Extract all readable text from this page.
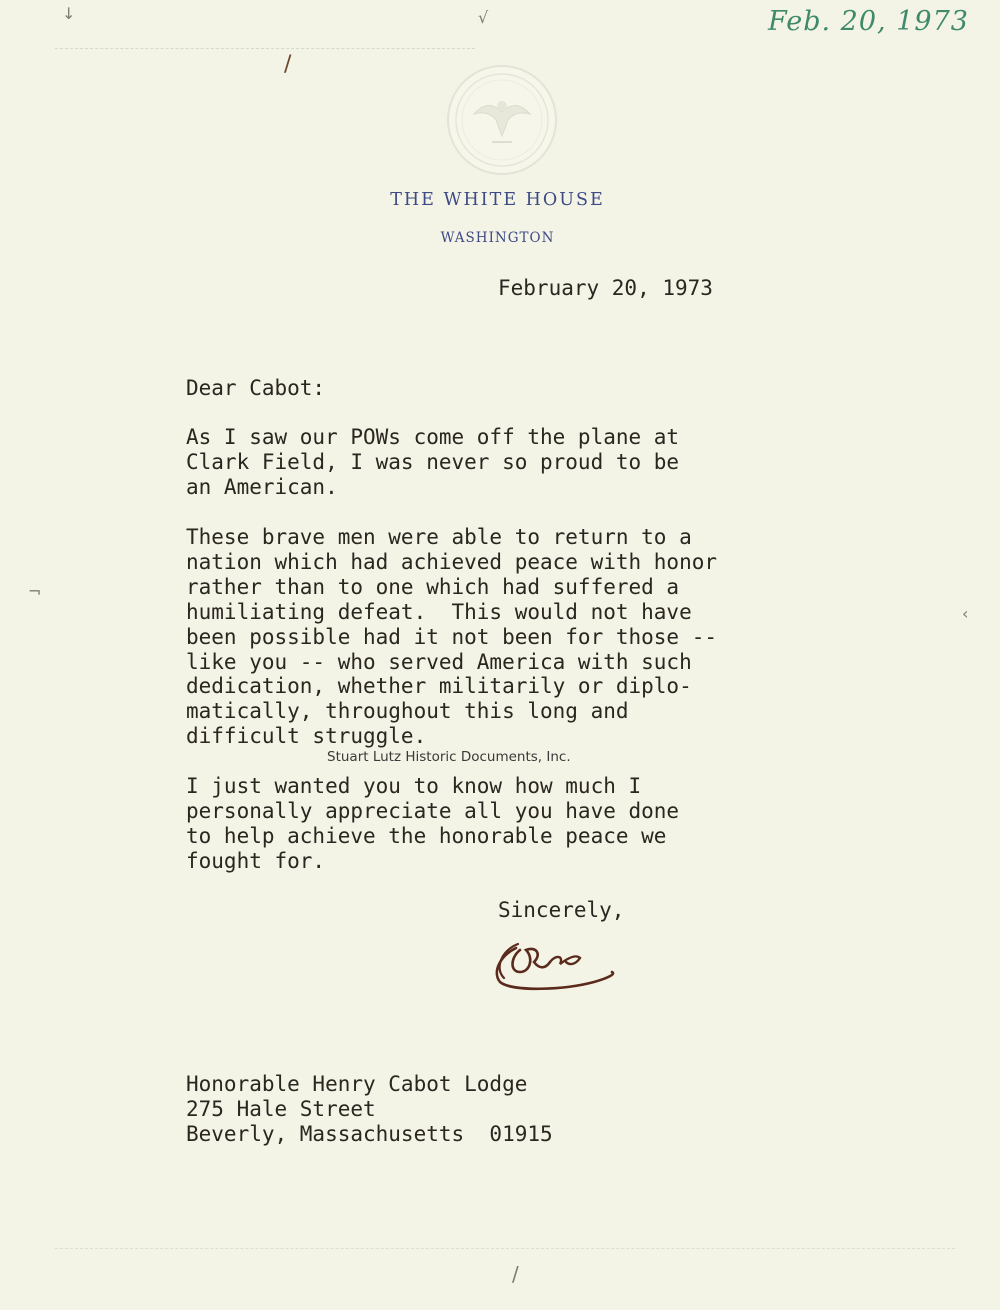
↓	√
/
¬
‹
/
Feb. 20, 1973
THE WHITE HOUSE
WASHINGTON
February 20, 1973
Dear Cabot:
As I saw our POWs come off the plane at
Clark Field, I was never so proud to be
an American.
These brave men were able to return to a
nation which had achieved peace with honor
rather than to one which had suffered a
humiliating defeat.  This would not have
been possible had it not been for those --
like you -- who served America with such
dedication, whether militarily or diplo-
matically, throughout this long and
difficult struggle.
Stuart Lutz Historic Documents, Inc.
I just wanted you to know how much I
personally appreciate all you have done
to help achieve the honorable peace we
fought for.
Sincerely,
Honorable Henry Cabot Lodge
275 Hale Street
Beverly, Massachusetts  01915
